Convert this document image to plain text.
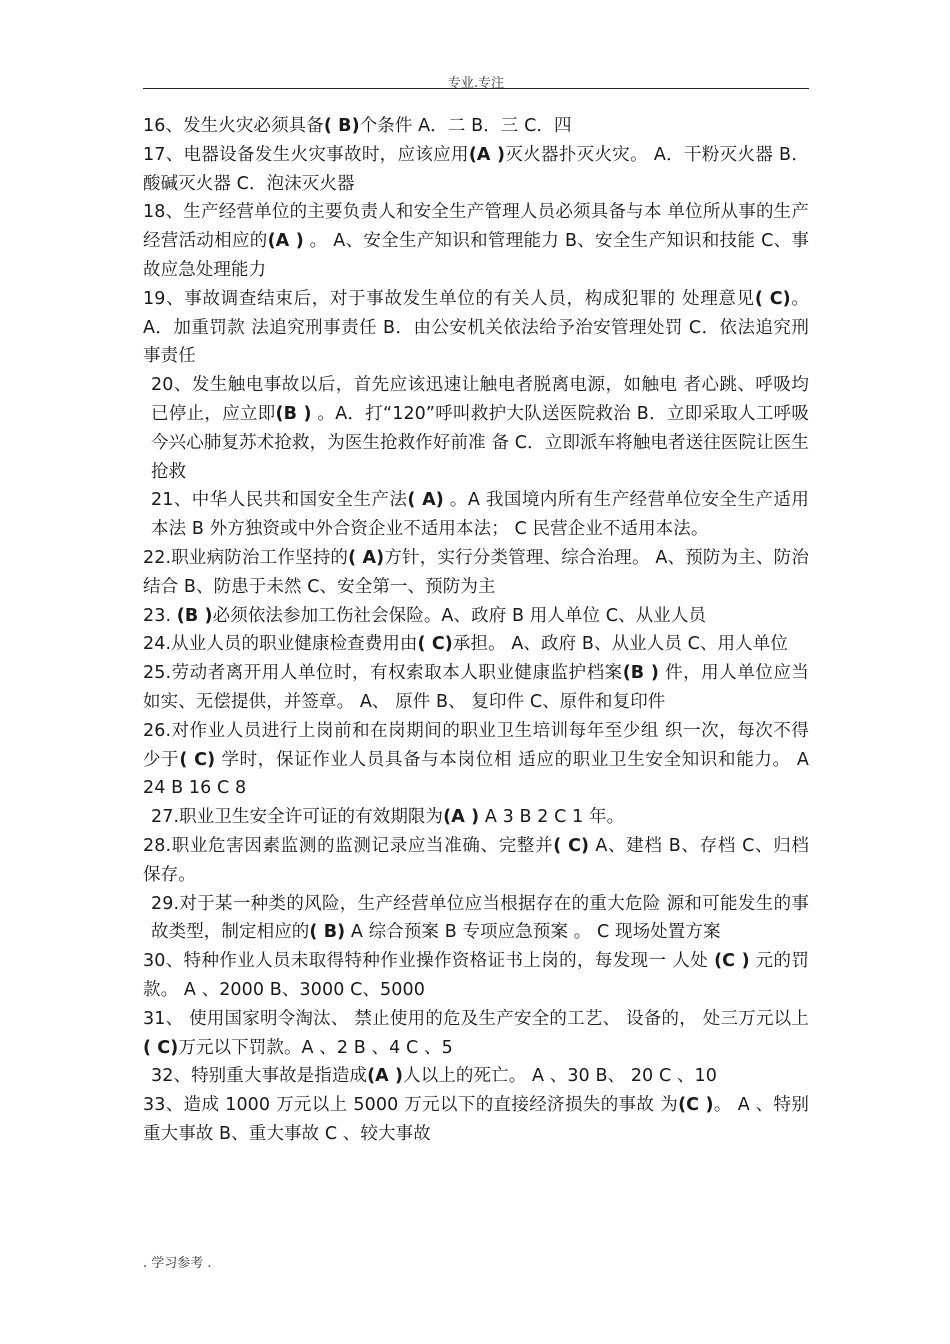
专业.专注

16、发生火灾必须具备( B)个条件 A．二 B．三 C．四

17、电器设备发生火灾事故时，应该应用(A )灭火器扑灭火灾。 A．干粉灭火器 B．酸碱灭火器 C．泡沫灭火器

18、生产经营单位的主要负责人和安全生产管理人员必须具备与本 单位所从事的生产经营活动相应的(A ) 。 A、安全生产知识和管理能力 B、安全生产知识和技能 C、事故应急处理能力

19、事故调查结束后，对于事故发生单位的有关人员，构成犯罪的 处理意见( C)。 A．加重罚款 法追究刑事责任 B．由公安机关依法给予治安管理处罚 C．依法追究刑事责任

20、发生触电事故以后，首先应该迅速让触电者脱离电源，如触电 者心跳、呼吸均已停止，应立即(B ) 。A．打“120”呼叫救护大队送医院救治 B．立即采取人工呼吸今兴心肺复苏术抢救，为医生抢救作好前准 备 C．立即派车将触电者送往医院让医生抢救

21、中华人民共和国安全生产法( A) 。A 我国境内所有生产经营单位安全生产适用本法 B 外方独资或中外合资企业不适用本法； C 民营企业不适用本法。

22.职业病防治工作坚持的( A)方针，实行分类管理、综合治理。 A、预防为主、防治结合 B、防患于未然 C、安全第一、预防为主

23. (B )必须依法参加工伤社会保险。A、政府 B 用人单位 C、从业人员

24.从业人员的职业健康检查费用由( C)承担。 A、政府 B、从业人员 C、用人单位

25.劳动者离开用人单位时，有权索取本人职业健康监护档案(B ) 件，用人单位应当如实、无偿提供，并签章。 A、 原件 B、 复印件 C、原件和复印件

26.对作业人员进行上岗前和在岗期间的职业卫生培训每年至少组 织一次，每次不得少于( C) 学时，保证作业人员具备与本岗位相 适应的职业卫生安全知识和能力。 A 24 B 16 C 8

27.职业卫生安全许可证的有效期限为(A ) A 3 B 2 C 1 年。

28.职业危害因素监测的监测记录应当准确、完整并( C) A、建档 B、存档 C、归档 保存。

29.对于某一种类的风险，生产经营单位应当根据存在的重大危险 源和可能发生的事故类型，制定相应的( B) A 综合预案 B 专项应急预案 。 C 现场处置方案

30、特种作业人员未取得特种作业操作资格证书上岗的，每发现一 人处 (C ) 元的罚款。 A 、2000 B、3000 C、5000

31、 使用国家明令淘汰、 禁止使用的危及生产安全的工艺、 设备的， 处三万元以上 ( C)万元以下罚款。A 、2 B 、4 C 、5

32、特别重大事故是指造成(A )人以上的死亡。 A 、30 B、 20 C 、10

33、造成 1000 万元以上 5000 万元以下的直接经济损失的事故 为(C )。 A 、特别重大事故 B、重大事故 C 、较大事故

. 学习参考 .
